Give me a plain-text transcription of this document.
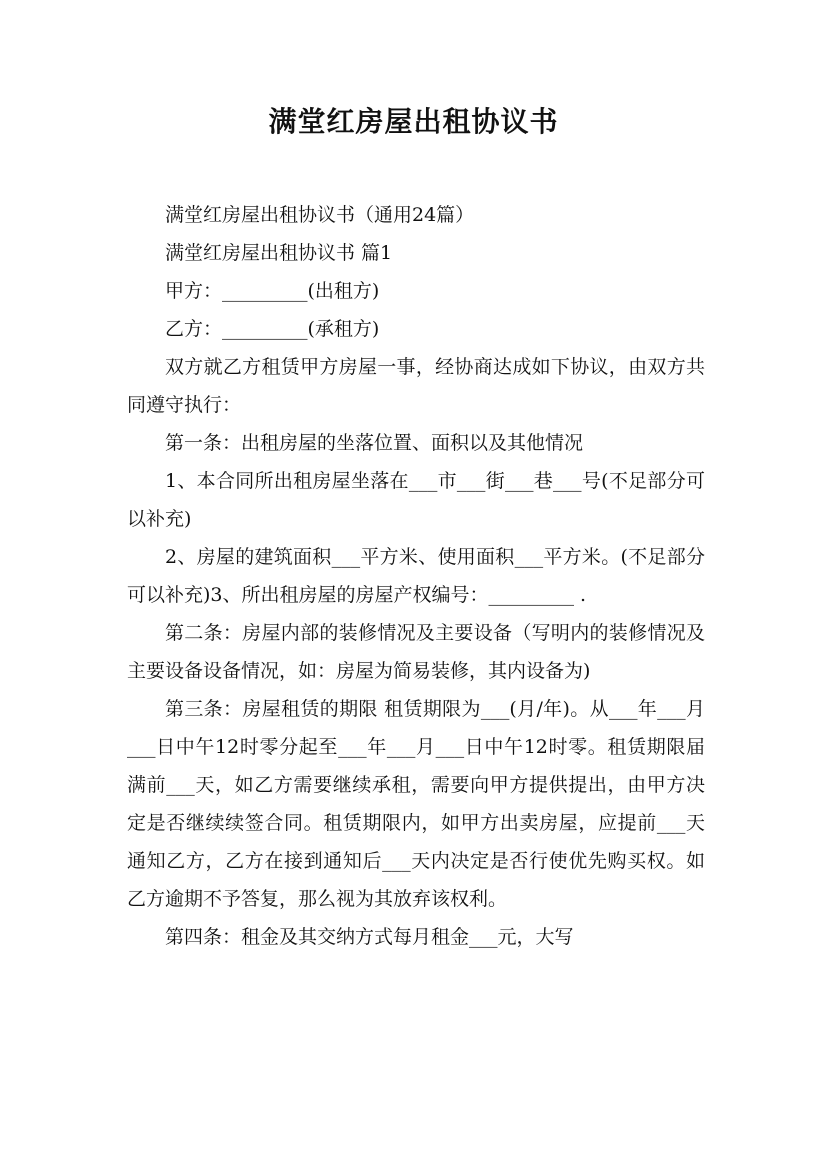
满堂红房屋出租协议书

满堂红房屋出租协议书（通用24篇）

满堂红房屋出租协议书 篇1

甲方：_________(出租方)

乙方：_________(承租方)

双方就乙方租赁甲方房屋一事，经协商达成如下协议，由双方共同遵守执行：

第一条：出租房屋的坐落位置、面积以及其他情况

1、本合同所出租房屋坐落在___市___街___巷___号(不足部分可以补充)

2、房屋的建筑面积___平方米、使用面积___平方米。(不足部分可以补充)3、所出租房屋的房屋产权编号：_________ .

第二条：房屋内部的装修情况及主要设备（写明内的装修情况及主要设备设备情况，如：房屋为简易装修，其内设备为)

第三条：房屋租赁的期限 租赁期限为___(月/年)。从___年___月___日中午12时零分起至___年___月___日中午12时零。租赁期限届满前___天，如乙方需要继续承租，需要向甲方提供提出，由甲方决定是否继续续签合同。租赁期限内，如甲方出卖房屋，应提前___天通知乙方，乙方在接到通知后___天内决定是否行使优先购买权。如乙方逾期不予答复，那么视为其放弃该权利。

第四条：租金及其交纳方式每月租金___元，大写
